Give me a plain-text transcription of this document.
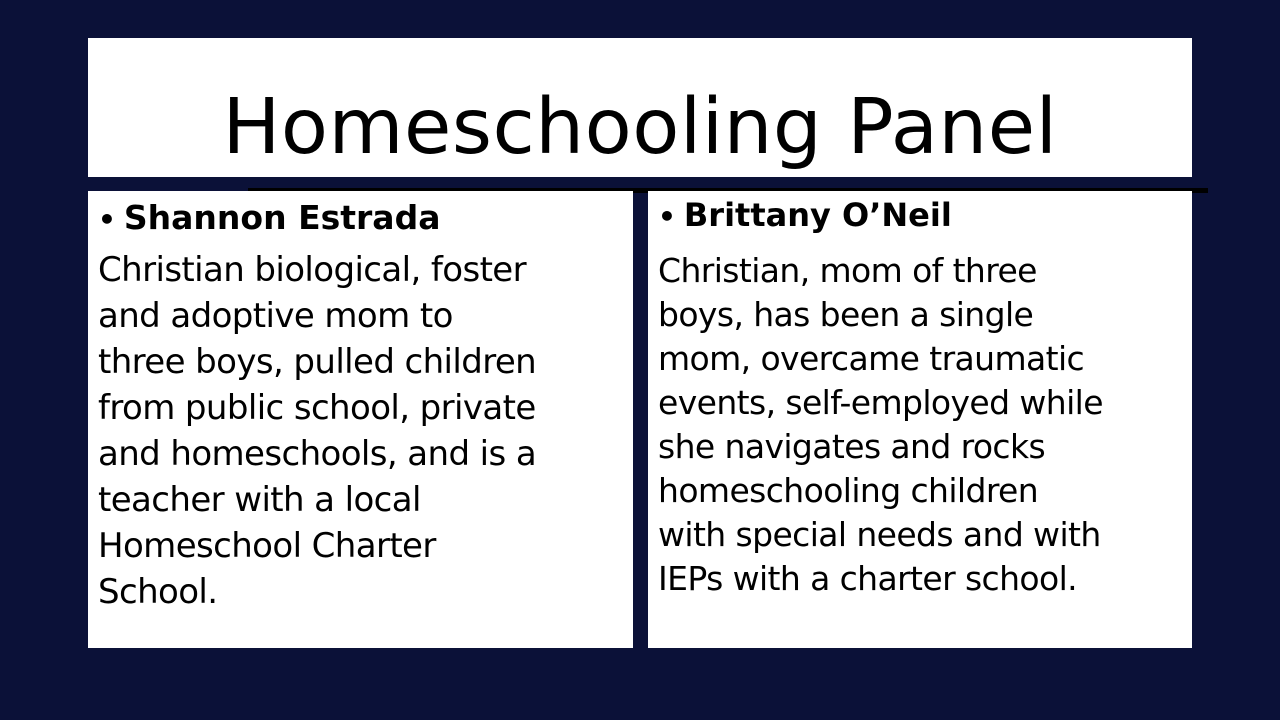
Homeschooling Panel
• Shannon Estrada
Christian biological, foster
and adoptive mom to
three boys, pulled children
from public school, private
and homeschools, and is a
teacher with a local
Homeschool Charter
School.
• Brittany O’Neil
Christian, mom of three
boys, has been a single
mom, overcame traumatic
events, self-employed while
she navigates and rocks
homeschooling children
with special needs and with
IEPs with a charter school.
